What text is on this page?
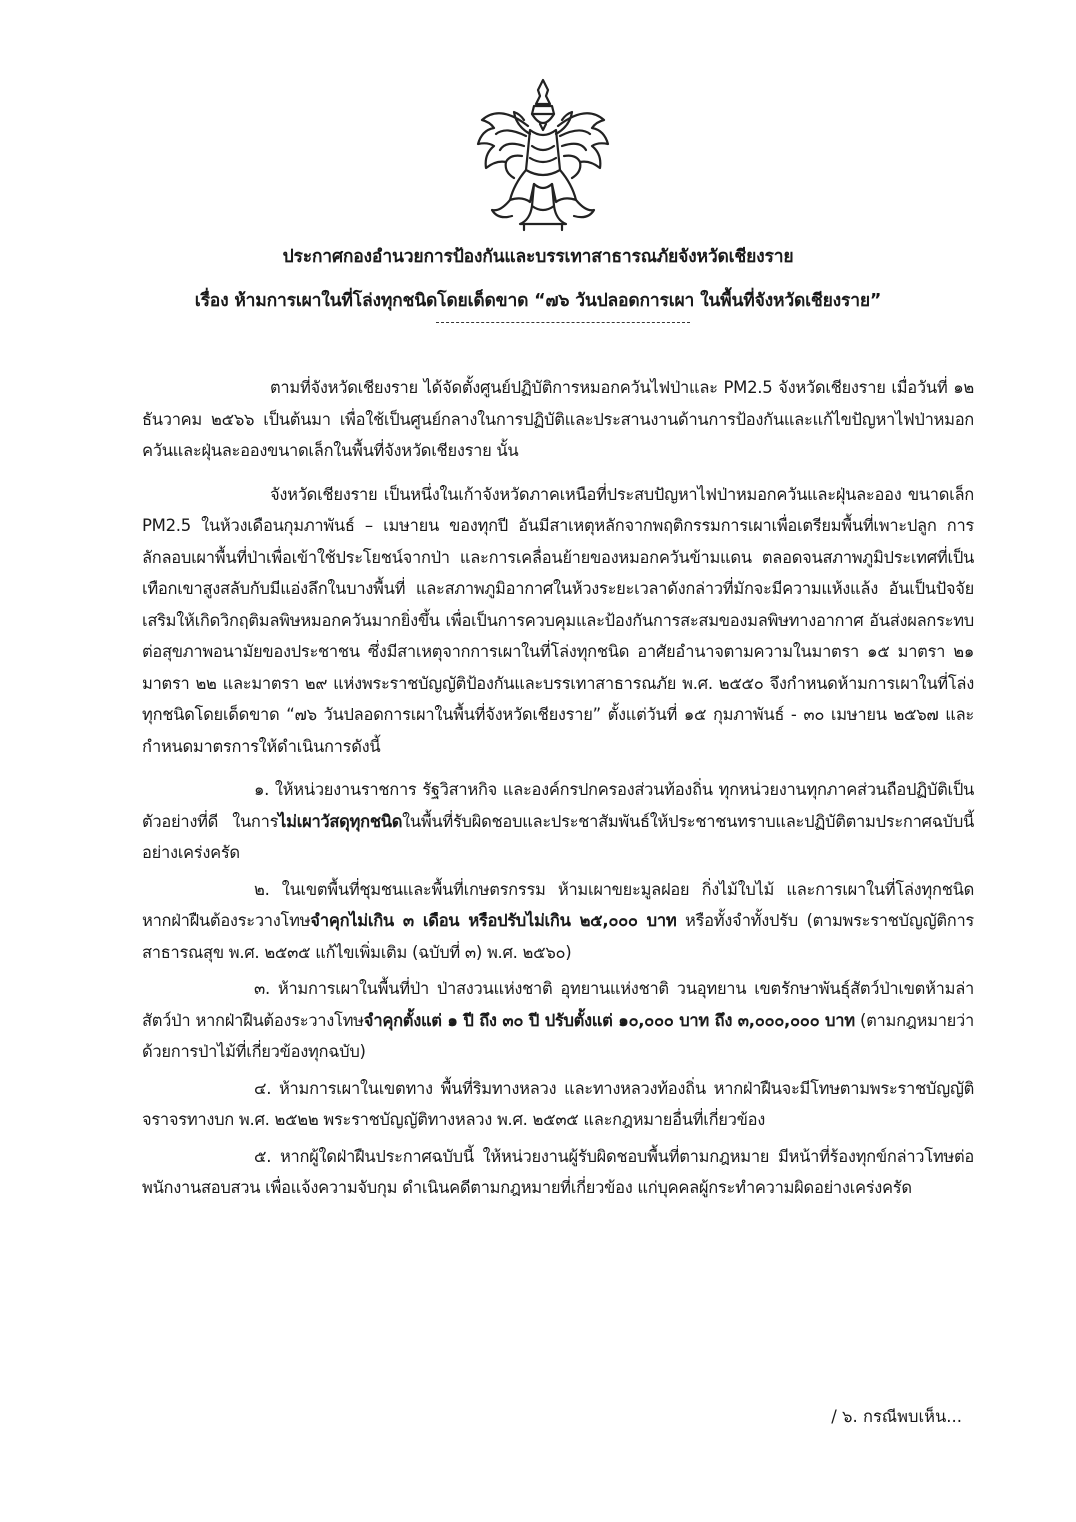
ประกาศกองอำนวยการป้องกันและบรรเทาสาธารณภัยจังหวัดเชียงราย
เรื่อง ห้ามการเผาในที่โล่งทุกชนิดโดยเด็ดขาด “๗๖ วันปลอดการเผา ในพื้นที่จังหวัดเชียงราย”

ตามที่จังหวัดเชียงราย ได้จัดตั้งศูนย์ปฏิบัติการหมอกควันไฟป่าและ PM2.5 จังหวัดเชียงราย เมื่อวันที่ ๑๒ ธันวาคม ๒๕๖๖ เป็นต้นมา เพื่อใช้เป็นศูนย์กลางในการปฏิบัติและประสานงานด้านการป้องกันและแก้ไขปัญหาไฟป่าหมอกควันและฝุ่นละอองขนาดเล็กในพื้นที่จังหวัดเชียงราย นั้น

จังหวัดเชียงราย เป็นหนึ่งในเก้าจังหวัดภาคเหนือที่ประสบปัญหาไฟป่าหมอกควันและฝุ่นละออง ขนาดเล็ก PM2.5 ในห้วงเดือนกุมภาพันธ์ – เมษายน ของทุกปี อันมีสาเหตุหลักจากพฤติกรรมการเผาเพื่อเตรียมพื้นที่เพาะปลูก การลักลอบเผาพื้นที่ป่าเพื่อเข้าใช้ประโยชน์จากป่า และการเคลื่อนย้ายของหมอกควันข้ามแดน ตลอดจนสภาพภูมิประเทศที่เป็นเทือกเขาสูงสลับกับมีแอ่งลึกในบางพื้นที่ และสภาพภูมิอากาศในห้วงระยะเวลาดังกล่าวที่มักจะมีความแห้งแล้ง อันเป็นปัจจัยเสริมให้เกิดวิกฤติมลพิษหมอกควันมากยิ่งขึ้น เพื่อเป็นการควบคุมและป้องกันการสะสมของมลพิษทางอากาศ อันส่งผลกระทบต่อสุขภาพอนามัยของประชาชน ซึ่งมีสาเหตุจากการเผาในที่โล่งทุกชนิด อาศัยอำนาจตามความในมาตรา ๑๕ มาตรา ๒๑ มาตรา ๒๒ และมาตรา ๒๙ แห่งพระราชบัญญัติป้องกันและบรรเทาสาธารณภัย พ.ศ. ๒๕๕๐ จึงกำหนดห้ามการเผาในที่โล่งทุกชนิดโดยเด็ดขาด “๗๖ วันปลอดการเผาในพื้นที่จังหวัดเชียงราย” ตั้งแต่วันที่ ๑๕ กุมภาพันธ์ - ๓๐ เมษายน ๒๕๖๗ และกำหนดมาตรการให้ดำเนินการดังนี้

๑. ให้หน่วยงานราชการ รัฐวิสาหกิจ และองค์กรปกครองส่วนท้องถิ่น ทุกหน่วยงานทุกภาคส่วนถือปฏิบัติเป็นตัวอย่างที่ดี ในการไม่เผาวัสดุทุกชนิดในพื้นที่รับผิดชอบและประชาสัมพันธ์ให้ประชาชนทราบและปฏิบัติตามประกาศฉบับนี้อย่างเคร่งครัด

๒. ในเขตพื้นที่ชุมชนและพื้นที่เกษตรกรรม ห้ามเผาขยะมูลฝอย กิ่งไม้ใบไม้ และการเผาในที่โล่งทุกชนิด หากฝ่าฝืนต้องระวางโทษจำคุกไม่เกิน ๓ เดือน หรือปรับไม่เกิน ๒๕,๐๐๐ บาท หรือทั้งจำทั้งปรับ (ตามพระราชบัญญัติการสาธารณสุข พ.ศ. ๒๕๓๕ แก้ไขเพิ่มเติม (ฉบับที่ ๓) พ.ศ. ๒๕๖๐)

๓. ห้ามการเผาในพื้นที่ป่า ป่าสงวนแห่งชาติ อุทยานแห่งชาติ วนอุทยาน เขตรักษาพันธุ์สัตว์ป่าเขตห้ามล่าสัตว์ป่า หากฝ่าฝืนต้องระวางโทษจำคุกตั้งแต่ ๑ ปี ถึง ๓๐ ปี ปรับตั้งแต่ ๑๐,๐๐๐ บาท ถึง ๓,๐๐๐,๐๐๐ บาท (ตามกฎหมายว่าด้วยการป่าไม้ที่เกี่ยวข้องทุกฉบับ)

๔. ห้ามการเผาในเขตทาง พื้นที่ริมทางหลวง และทางหลวงท้องถิ่น หากฝ่าฝืนจะมีโทษตามพระราชบัญญัติจราจรทางบก พ.ศ. ๒๕๒๒ พระราชบัญญัติทางหลวง พ.ศ. ๒๕๓๕ และกฎหมายอื่นที่เกี่ยวข้อง

๕. หากผู้ใดฝ่าฝืนประกาศฉบับนี้ ให้หน่วยงานผู้รับผิดชอบพื้นที่ตามกฎหมาย มีหน้าที่ร้องทุกข์กล่าวโทษต่อพนักงานสอบสวน เพื่อแจ้งความจับกุม ดำเนินคดีตามกฎหมายที่เกี่ยวข้อง แก่บุคคลผู้กระทำความผิดอย่างเคร่งครัด

/ ๖. กรณีพบเห็น...
